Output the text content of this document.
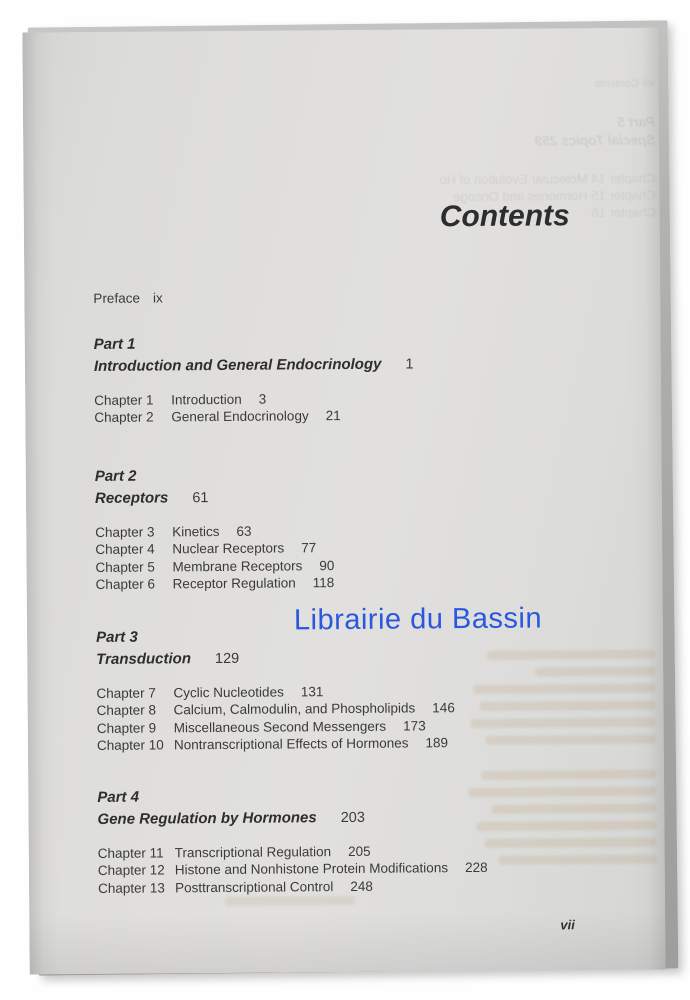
viii Contents
Part 5
Special Topics 259
Chapter 14 Molecular Evolution of Ho
Chapter 15 Hormones and Oncoge
Chapter 16
Contents
Preface ix
Part 1
Introduction and General Endocrinology 1
Chapter 1	Introduction 3
Chapter 2	General Endocrinology 21
Part 2
Receptors 61
Chapter 3	Kinetics 63
Chapter 4	Nuclear Receptors 77
Chapter 5	Membrane Receptors 90
Chapter 6	Receptor Regulation 118
Part 3
Transduction 129
Chapter 7	Cyclic Nucleotides 131
Chapter 8	Calcium, Calmodulin, and Phospholipids 146
Chapter 9	Miscellaneous Second Messengers 173
Chapter 10 Nontranscriptional Effects of Hormones 189
Part 4
Gene Regulation by Hormones 203
Chapter 11 Transcriptional Regulation 205
Chapter 12 Histone and Nonhistone Protein Modifications 228
Chapter 13 Posttranscriptional Control 248
Librairie du Bassin
vii
